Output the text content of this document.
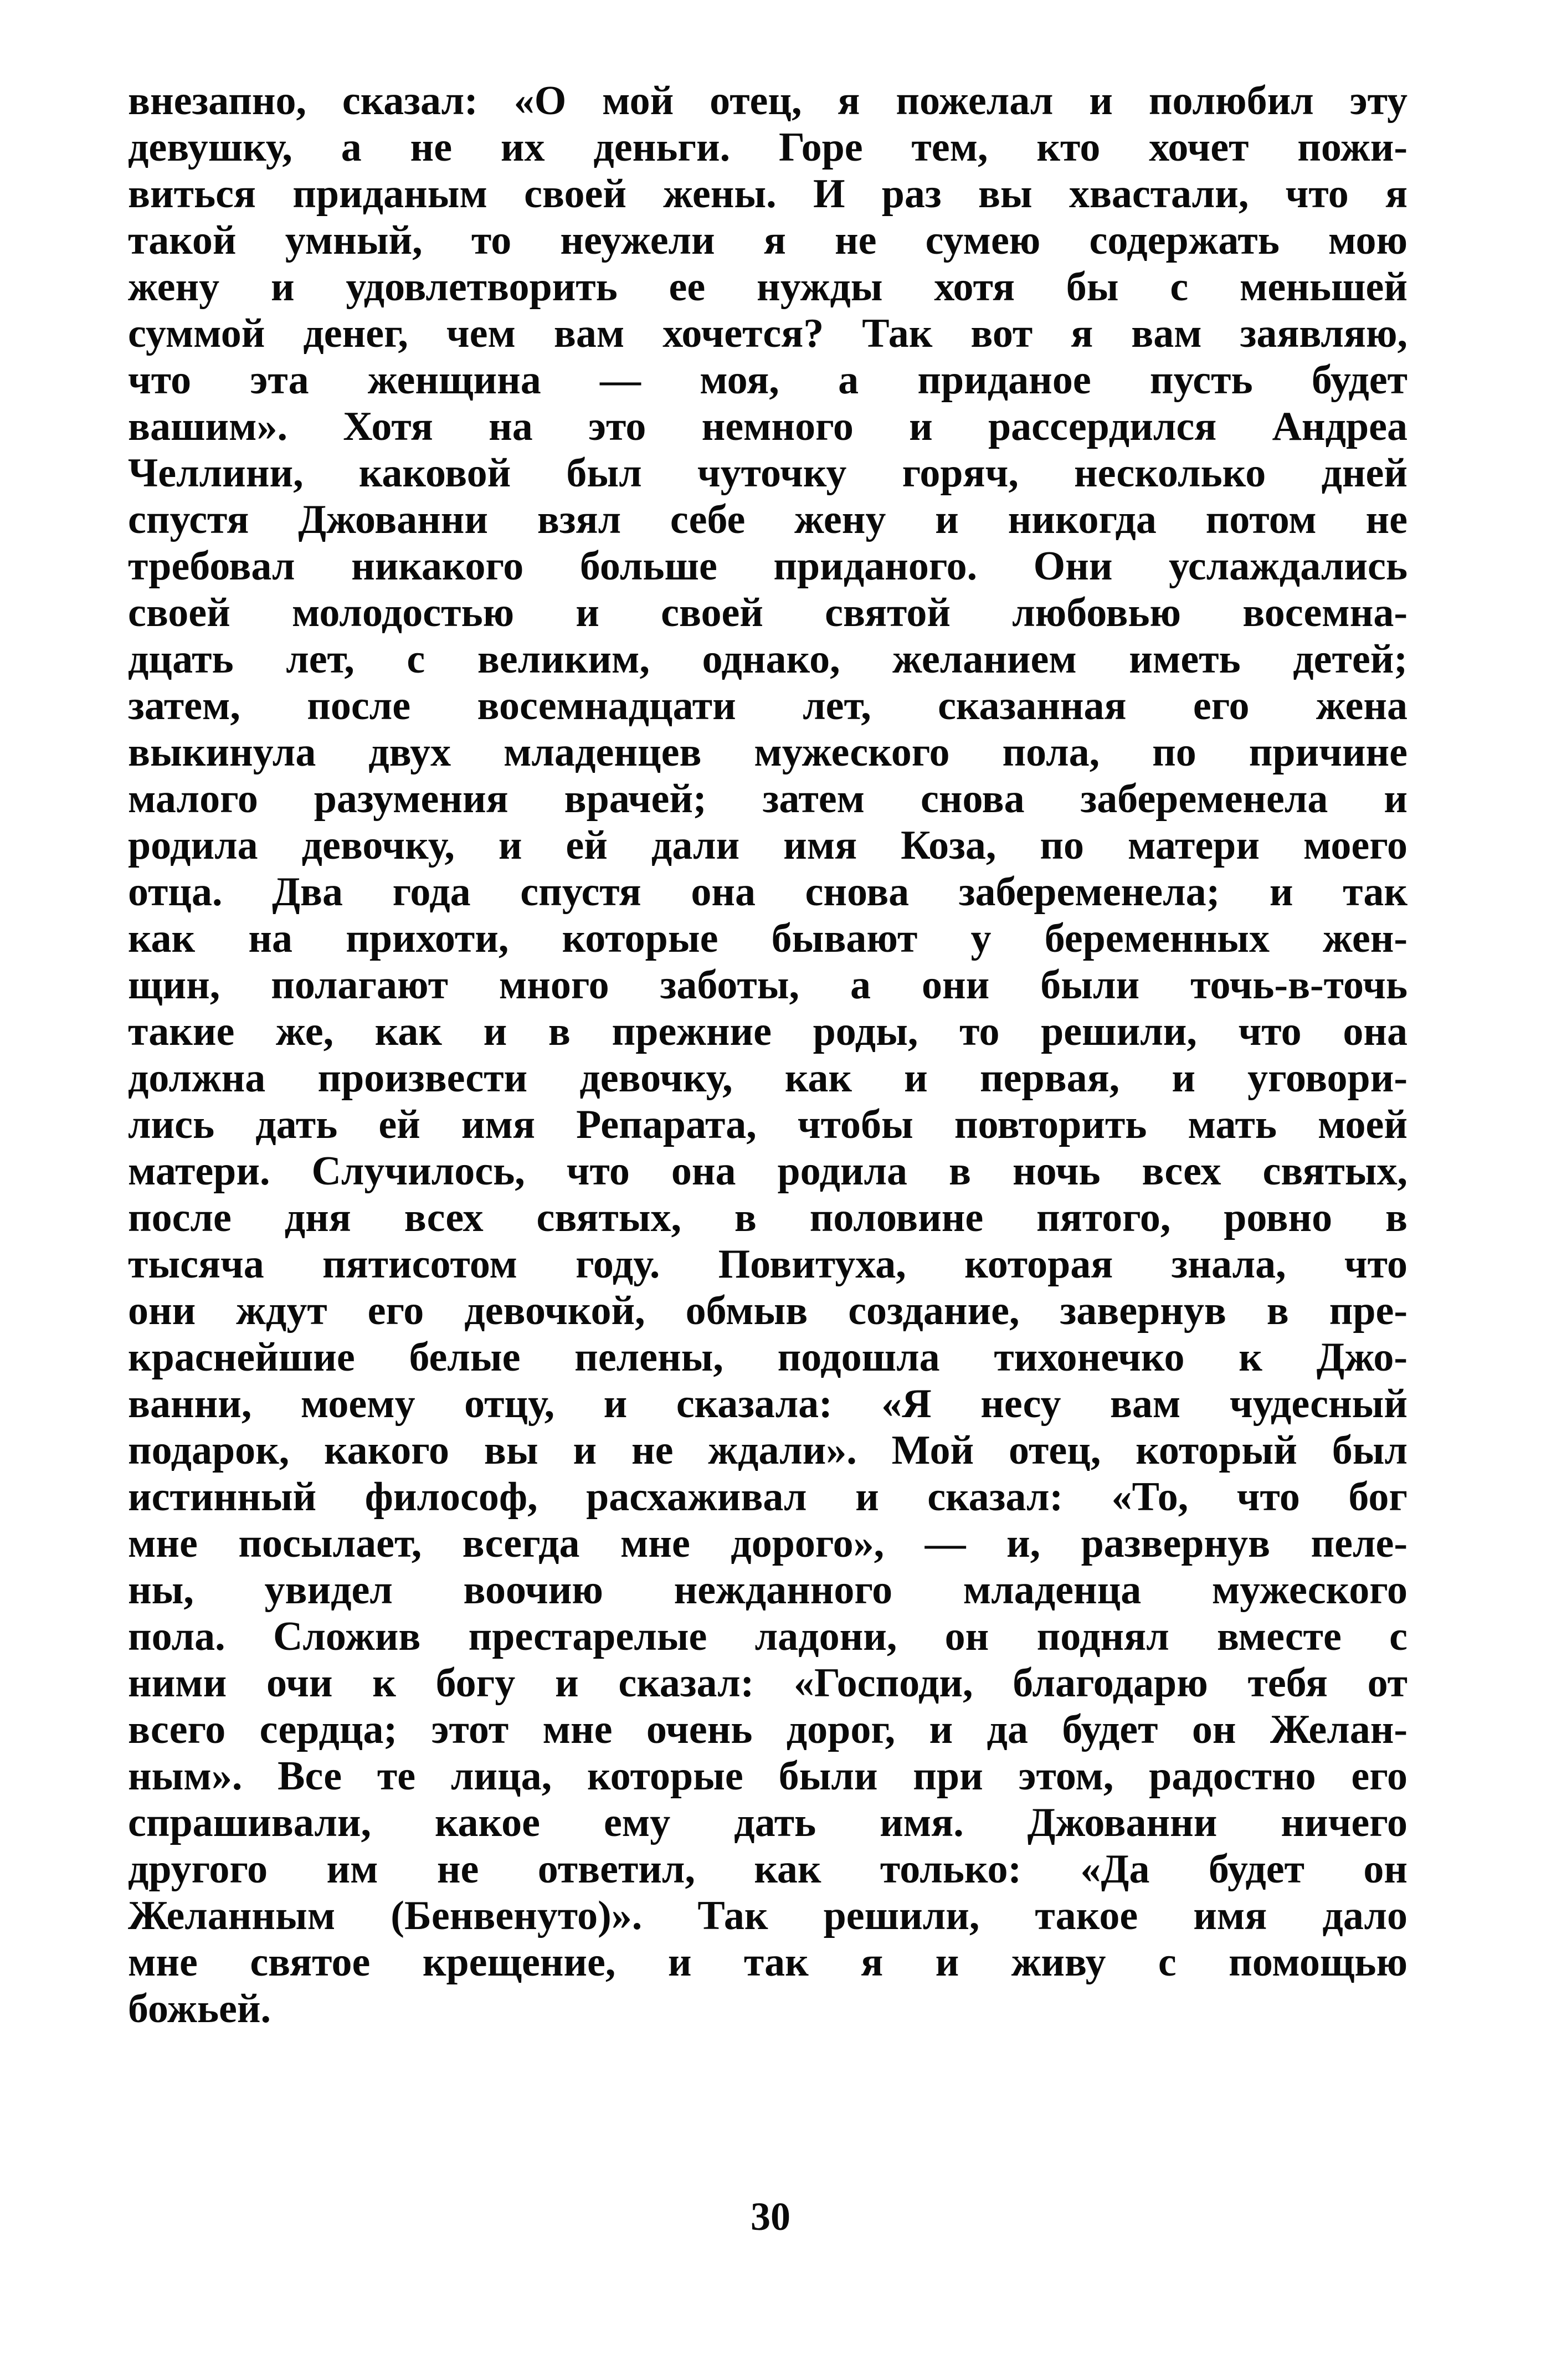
внезапно, сказал: «О мой отец, я пожелал и полюбил эту
девушку, а не их деньги. Горе тем, кто хочет пожи-
виться приданым своей жены. И раз вы хвастали, что я
такой умный, то неужели я не сумею содержать мою
жену и удовлетворить ее нужды хотя бы с меньшей
суммой денег, чем вам хочется? Так вот я вам заявляю,
что эта женщина — моя, а приданое пусть будет
вашим». Хотя на это немного и рассердился Андреа
Челлини, каковой был чуточку горяч, несколько дней
спустя Джованни взял себе жену и никогда потом не
требовал никакого больше приданого. Они услаждались
своей молодостью и своей святой любовью восемна-
дцать лет, с великим, однако, желанием иметь детей;
затем, после восемнадцати лет, сказанная его жена
выкинула двух младенцев мужеского пола, по причине
малого разумения врачей; затем снова забеременела и
родила девочку, и ей дали имя Коза, по матери моего
отца. Два года спустя она снова забеременела; и так
как на прихоти, которые бывают у беременных жен-
щин, полагают много заботы, а они были точь-в-точь
такие же, как и в прежние роды, то решили, что она
должна произвести девочку, как и первая, и уговори-
лись дать ей имя Репарата, чтобы повторить мать моей
матери. Случилось, что она родила в ночь всех святых,
после дня всех святых, в половине пятого, ровно в
тысяча пятисотом году. Повитуха, которая знала, что
они ждут его девочкой, обмыв создание, завернув в пре-
краснейшие белые пелены, подошла тихонечко к Джо-
ванни, моему отцу, и сказала: «Я несу вам чудесный
подарок, какого вы и не ждали». Мой отец, который был
истинный философ, расхаживал и сказал: «То, что бог
мне посылает, всегда мне дорого», — и, развернув пеле-
ны, увидел воочию нежданного младенца мужеского
пола. Сложив престарелые ладони, он поднял вместе с
ними очи к богу и сказал: «Господи, благодарю тебя от
всего сердца; этот мне очень дорог, и да будет он Желан-
ным». Все те лица, которые были при этом, радостно его
спрашивали, какое ему дать имя. Джованни ничего
другого им не ответил, как только: «Да будет он
Желанным (Бенвенуто)». Так решили, такое имя дало
мне святое крещение, и так я и живу с помощью
божьей.
30
